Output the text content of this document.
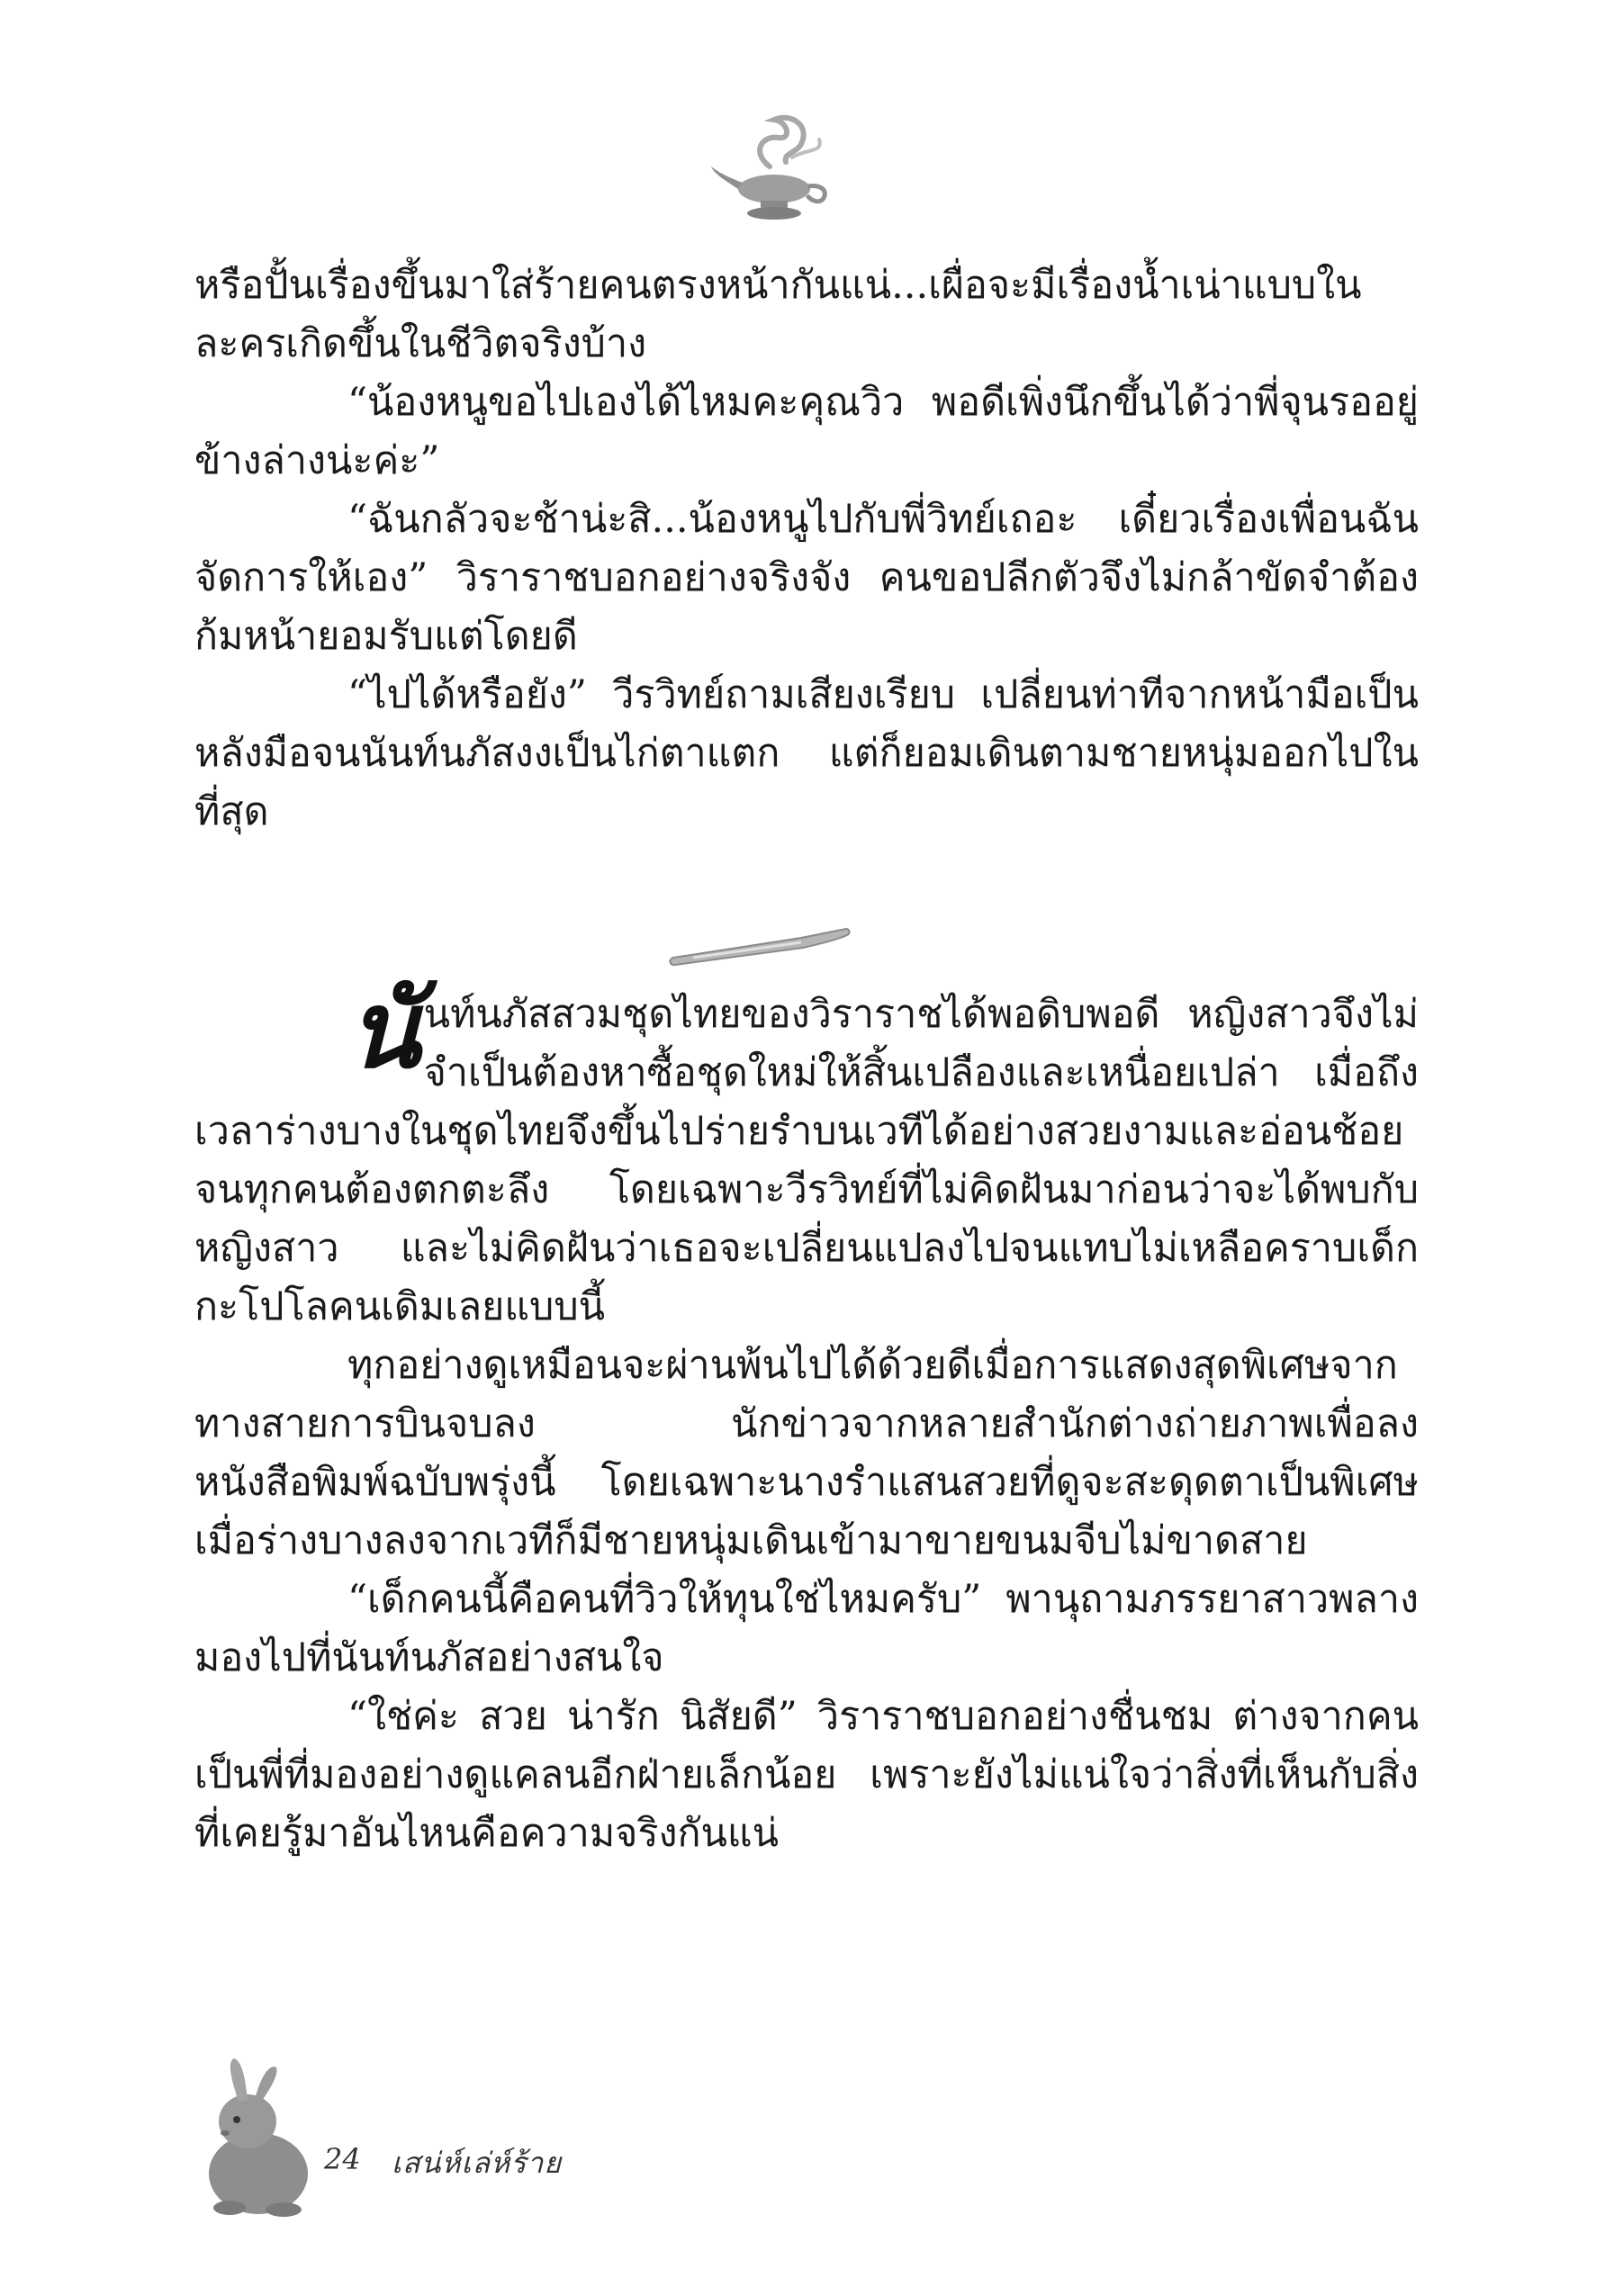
หรือปั้นเรื่องขึ้นมาใส่ร้ายคนตรงหน้ากันแน่...เผื่อจะมีเรื่องน้ำเน่าแบบในละครเกิดขึ้นในชีวิตจริงบ้าง

“น้องหนูขอไปเองได้ไหมคะคุณวิว พอดีเพิ่งนึกขึ้นได้ว่าพี่จุนรออยู่ข้างล่างน่ะค่ะ”

“ฉันกลัวจะช้าน่ะสิ...น้องหนูไปกับพี่วิทย์เถอะ เดี๋ยวเรื่องเพื่อนฉันจัดการให้เอง” วิราราชบอกอย่างจริงจัง คนขอปลีกตัวจึงไม่กล้าขัดจำต้องก้มหน้ายอมรับแต่โดยดี

“ไปได้หรือยัง” วีรวิทย์ถามเสียงเรียบ เปลี่ยนท่าทีจากหน้ามือเป็นหลังมือจนนันท์นภัสงงเป็นไก่ตาแตก แต่ก็ยอมเดินตามชายหนุ่มออกไปในที่สุด

นั นท์นภัสสวมชุดไทยของวิราราชได้พอดิบพอดี หญิงสาวจึงไม่จำเป็นต้องหาซื้อชุดใหม่ให้สิ้นเปลืองและเหนื่อยเปล่า เมื่อถึงเวลาร่างบางในชุดไทยจึงขึ้นไปร่ายรำบนเวทีได้อย่างสวยงามและอ่อนช้อยจนทุกคนต้องตกตะลึง โดยเฉพาะวีรวิทย์ที่ไม่คิดฝันมาก่อนว่าจะได้พบกับหญิงสาว และไม่คิดฝันว่าเธอจะเปลี่ยนแปลงไปจนแทบไม่เหลือคราบเด็กกะโปโลคนเดิมเลยแบบนี้

ทุกอย่างดูเหมือนจะผ่านพ้นไปได้ด้วยดีเมื่อการแสดงสุดพิเศษจากทางสายการบินจบลง นักข่าวจากหลายสำนักต่างถ่ายภาพเพื่อลงหนังสือพิมพ์ฉบับพรุ่งนี้ โดยเฉพาะนางรำแสนสวยที่ดูจะสะดุดตาเป็นพิเศษ เมื่อร่างบางลงจากเวทีก็มีชายหนุ่มเดินเข้ามาขายขนมจีบไม่ขาดสาย

“เด็กคนนี้คือคนที่วิวให้ทุนใช่ไหมครับ” พานุถามภรรยาสาวพลางมองไปที่นันท์นภัสอย่างสนใจ

“ใช่ค่ะ สวย น่ารัก นิสัยดี” วิราราชบอกอย่างชื่นชม ต่างจากคนเป็นพี่ที่มองอย่างดูแคลนอีกฝ่ายเล็กน้อย เพราะยังไม่แน่ใจว่าสิ่งที่เห็นกับสิ่งที่เคยรู้มาอันไหนคือความจริงกันแน่

24 เสน่ห์เล่ห์ร้าย
